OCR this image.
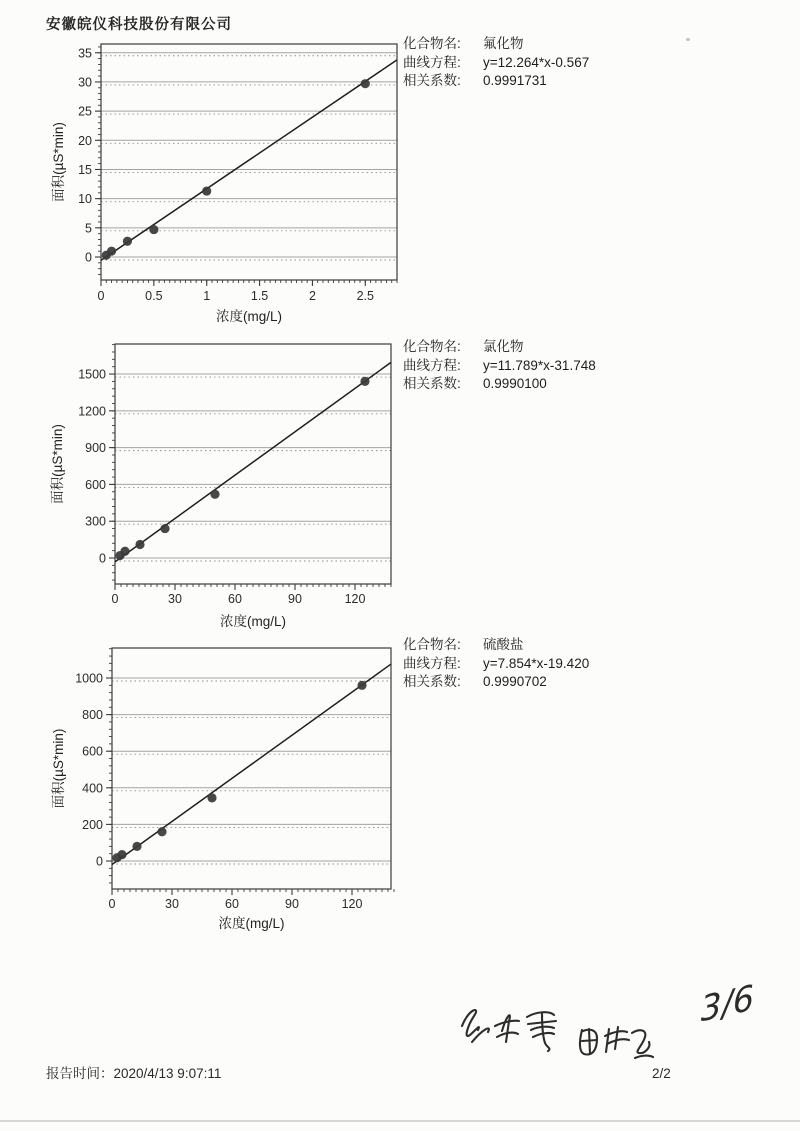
安徽皖仪科技股份有限公司
0	0.5	1	1.5	2	2.5
0
5
10
15
20
25
30
35
浓度(mg/L)
面积(µS*min)
化合物名:	氟化物
曲线方程:	y=12.264*x-0.567
相关系数:	0.9991731
0	30	60	90	120
0
300
600
900
1200
1500
浓度(mg/L)
面积(µS*min)
化合物名:	氯化物
曲线方程:	y=11.789*x-31.748
相关系数:	0.9990100
0	30	60	90	120
0
200
400
600
800
1000
浓度(mg/L)
面积(µS*min)
化合物名:	硫酸盐
曲线方程:	y=7.854*x-19.420
相关系数:	0.9990702
3/6
报告时间：2020/4/13 9:07:11	2/2
